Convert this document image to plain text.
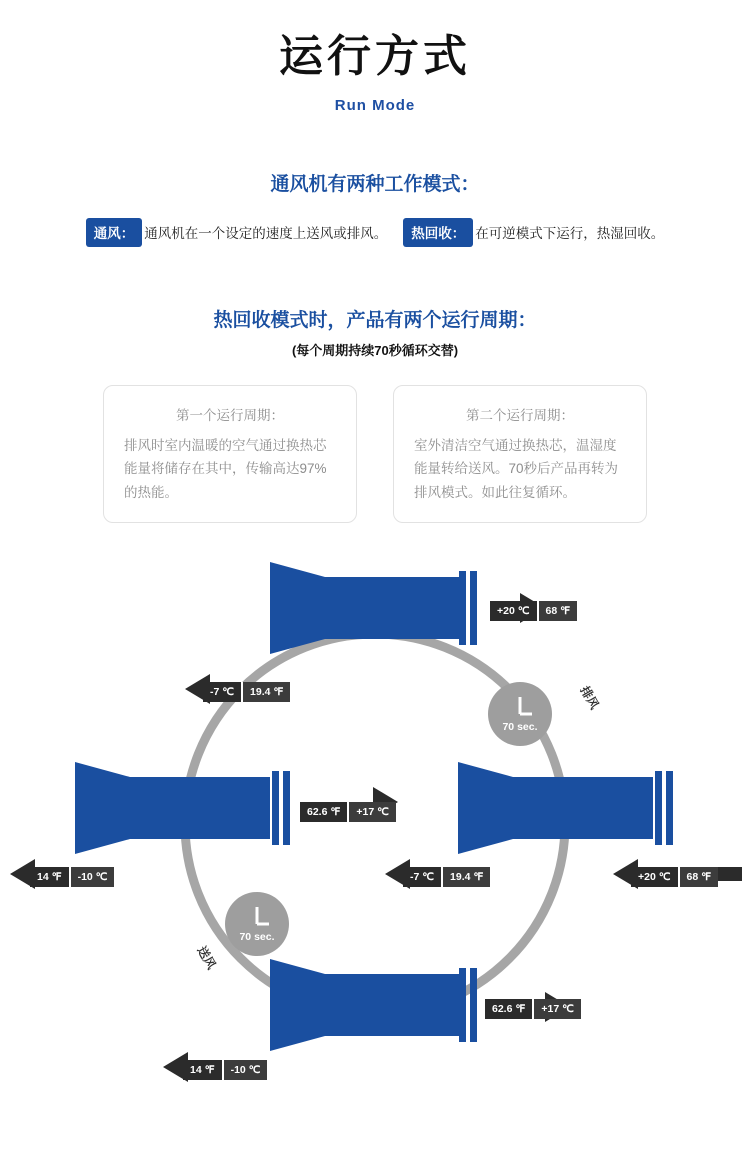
运行方式
Run Mode
通风机有两种工作模式：
通风： 通风机在一个设定的速度上送风或排风。	热回收： 在可逆模式下运行，热湿回收。
热回收模式时，产品有两个运行周期：
(每个周期持续70秒循环交替)
第一个运行周期：
排风时室内温暖的空气通过换热芯能量将储存在其中，传输高达97%的热能。
第二个运行周期：
室外清洁空气通过换热芯，温湿度能量转给送风。70秒后产品再转为排风模式。如此往复循环。
70 sec.
70 sec.
排风
送风
+20 ℃	68 ℉
-7 ℃	19.4 ℉
62.6 ℉	+17 ℃
14 ℉	-10 ℃	-7 ℃	19.4 ℉	+20 ℃	68 ℉
62.6 ℉	+17 ℃
14 ℉	-10 ℃
